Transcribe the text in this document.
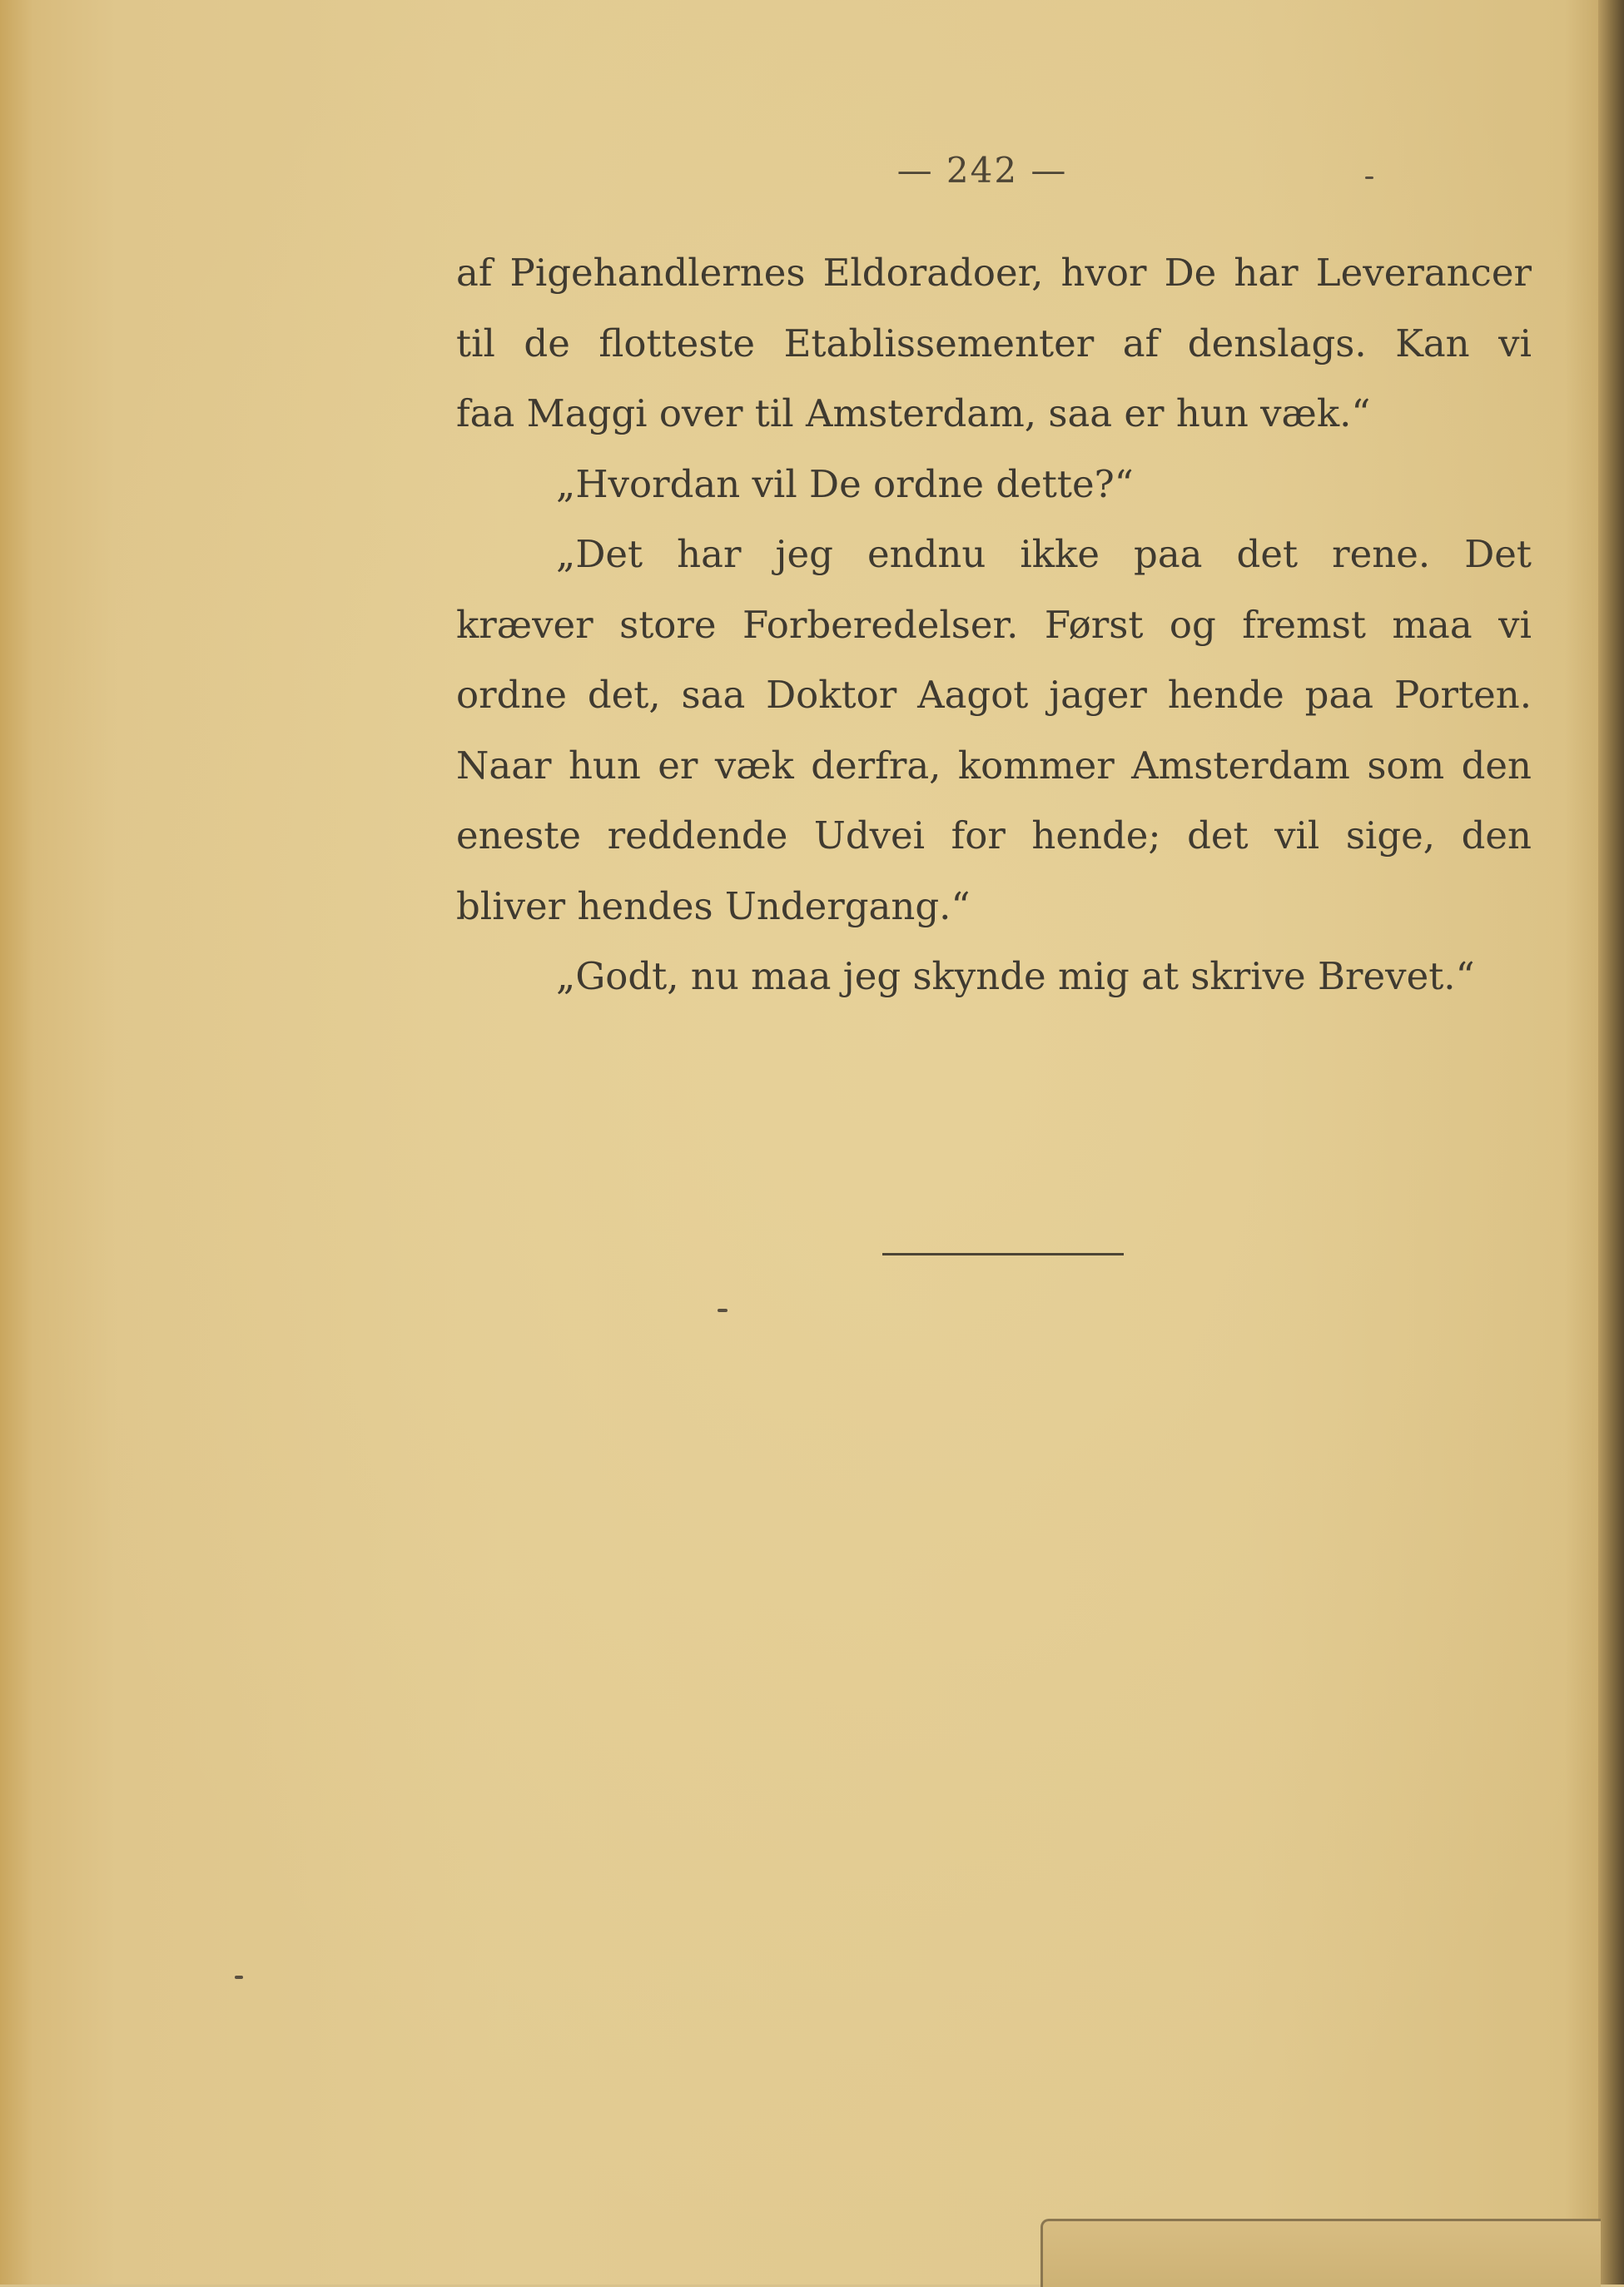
— 242 —
af Pigehandlernes Eldoradoer, hvor De har Leverancer
til de flotteste Etablissementer af denslags. Kan vi
faa Maggi over til Amsterdam, saa er hun væk.“
„Hvordan vil De ordne dette?“
„Det har jeg endnu ikke paa det rene. Det
kræver store Forberedelser. Først og fremst maa vi
ordne det, saa Doktor Aagot jager hende paa Porten.
Naar hun er væk derfra, kommer Amsterdam som den
eneste reddende Udvei for hende; det vil sige, den
bliver hendes Undergang.“
„Godt, nu maa jeg skynde mig at skrive Brevet.“
